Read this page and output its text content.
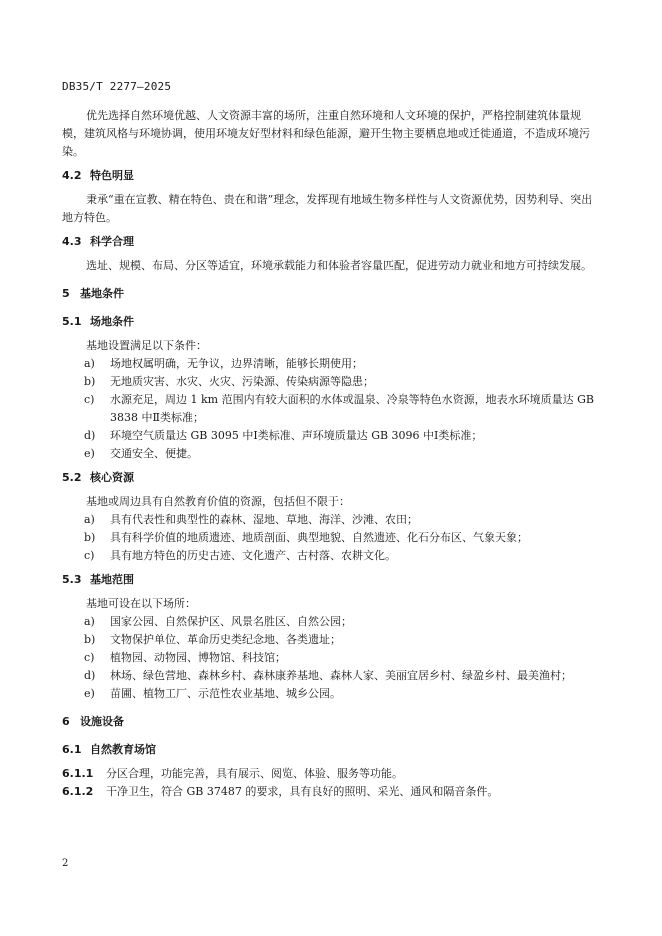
DB35/T 2277—2025

优先选择自然环境优越、人文资源丰富的场所，注重自然环境和人文环境的保护，严格控制建筑体量规模，建筑风格与环境协调，使用环境友好型材料和绿色能源，避开生物主要栖息地或迁徙通道，不造成环境污染。

4.2 特色明显

秉承“重在宣教、精在特色、贵在和谐”理念，发挥现有地域生物多样性与人文资源优势，因势利导、突出地方特色。

4.3 科学合理

选址、规模、布局、分区等适宜，环境承载能力和体验者容量匹配，促进劳动力就业和地方可持续发展。

5 基地条件
5.1 场地条件
基地设置满足以下条件：
a) 场地权属明确，无争议，边界清晰，能够长期使用；
b) 无地质灾害、水灾、火灾、污染源、传染病源等隐患；
c) 水源充足，周边 1 km 范围内有较大面积的水体或温泉、冷泉等特色水资源，地表水环境质量达 GB 3838 中Ⅱ类标准；
d) 环境空气质量达 GB 3095 中Ⅰ类标准、声环境质量达 GB 3096 中Ⅰ类标准；
e) 交通安全、便捷。
5.2 核心资源
基地或周边具有自然教育价值的资源，包括但不限于：
a) 具有代表性和典型性的森林、湿地、草地、海洋、沙滩、农田；
b) 具有科学价值的地质遗迹、地质剖面、典型地貌、自然遗迹、化石分布区、气象天象；
c) 具有地方特色的历史古迹、文化遗产、古村落、农耕文化。
5.3 基地范围
基地可设在以下场所：
a) 国家公园、自然保护区、风景名胜区、自然公园；
b) 文物保护单位、革命历史类纪念地、各类遗址；
c) 植物园、动物园、博物馆、科技馆；
d) 林场、绿色营地、森林乡村、森林康养基地、森林人家、美丽宜居乡村、绿盈乡村、最美渔村；
e) 苗圃、植物工厂、示范性农业基地、城乡公园。
6 设施设备
6.1 自然教育场馆
6.1.1 分区合理，功能完善，具有展示、阅览、体验、服务等功能。
6.1.2 干净卫生，符合 GB 37487 的要求，具有良好的照明、采光、通风和隔音条件。
2
